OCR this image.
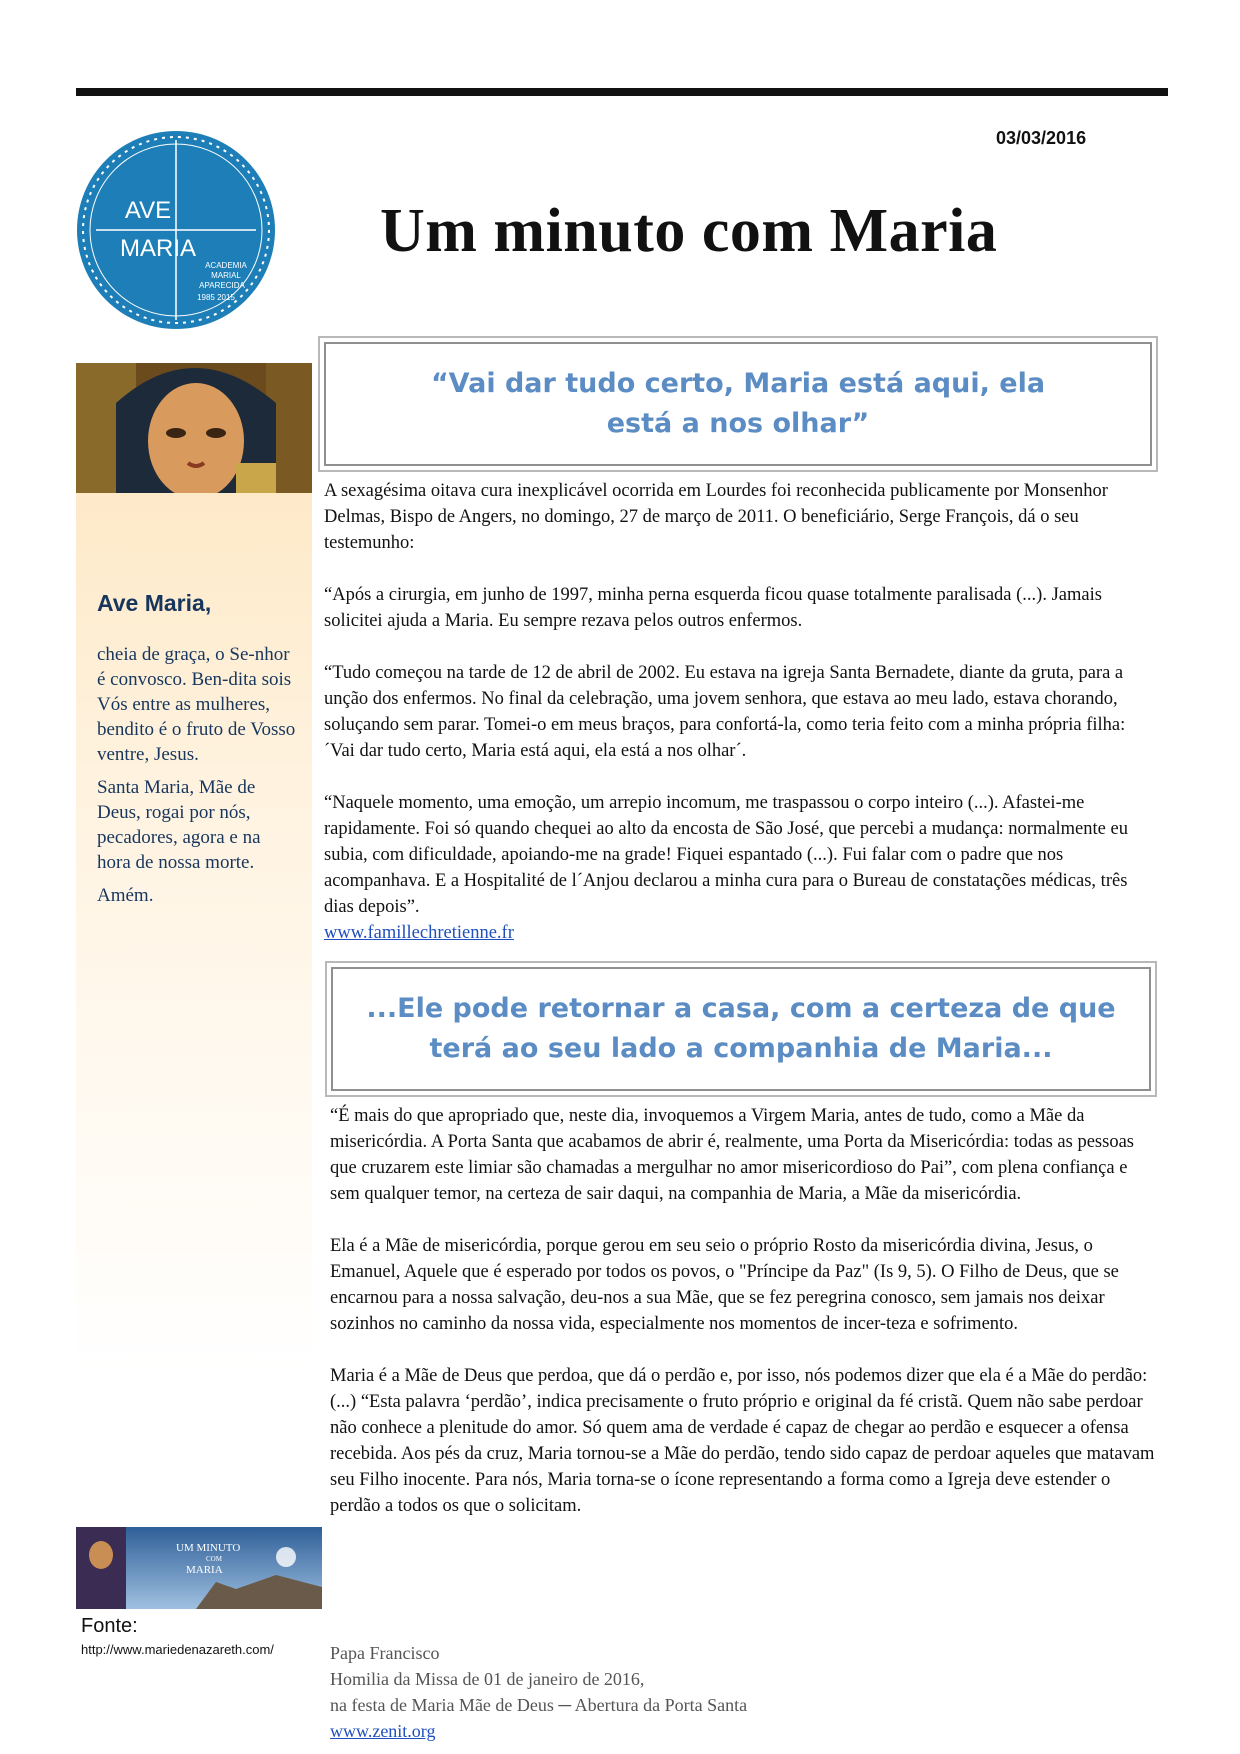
03/03/2016
AVE
MARIA
ACADEMIA
MARIAL
APARECIDA
1985 2015
Um minuto com Maria
Ave Maria,

cheia de graça, o Se-nhor é convosco. Ben-dita sois Vós entre as mulheres, bendito é o fruto de Vosso ventre, Jesus.

Santa Maria, Mãe de Deus, rogai por nós, pecadores, agora e na hora de nossa morte.

Amém.

UM MINUTO
COM
MARIA
Fonte:
http://www.mariedenazareth.com/
“Vai dar tudo certo, Maria está aqui, ela está a nos olhar”

A sexagésima oitava cura inexplicável ocorrida em Lourdes foi reconhecida publicamente por Monsenhor Delmas, Bispo de Angers, no domingo, 27 de março de 2011. O beneficiário, Serge François, dá o seu testemunho:

“Após a cirurgia, em junho de 1997, minha perna esquerda ficou quase totalmente paralisada (...). Jamais solicitei ajuda a Maria. Eu sempre rezava pelos outros enfermos.

“Tudo começou na tarde de 12 de abril de 2002. Eu estava na igreja Santa Bernadete, diante da gruta, para a unção dos enfermos. No final da celebração, uma jovem senhora, que estava ao meu lado, estava chorando, soluçando sem parar. Tomei-o em meus braços, para confortá-la, como teria feito com a minha própria filha: ´Vai dar tudo certo, Maria está aqui, ela está a nos olhar´.

“Naquele momento, uma emoção, um arrepio incomum, me traspassou o corpo inteiro (...). Afastei-me rapidamente. Foi só quando chequei ao alto da encosta de São José, que percebi a mudança: normalmente eu subia, com dificuldade, apoiando-me na grade! Fiquei espantado (...). Fui falar com o padre que nos acompanhava. E a Hospitalité de l´Anjou declarou a minha cura para o Bureau de constatações médicas, três dias depois”.

www.famillechretienne.fr
...Ele pode retornar a casa, com a certeza de que terá ao seu lado a companhia de Maria...

“É mais do que apropriado que, neste dia, invoquemos a Virgem Maria, antes de tudo, como a Mãe da misericórdia. A Porta Santa que acabamos de abrir é, realmente, uma Porta da Misericórdia: todas as pessoas que cruzarem este limiar são chamadas a mergulhar no amor misericordioso do Pai”, com plena confiança e sem qualquer temor, na certeza de sair daqui, na companhia de Maria, a Mãe da misericórdia.

Ela é a Mãe de misericórdia, porque gerou em seu seio o próprio Rosto da misericórdia divina, Jesus, o Emanuel, Aquele que é esperado por todos os povos, o "Príncipe da Paz" (Is 9, 5). O Filho de Deus, que se encarnou para a nossa salvação, deu-nos a sua Mãe, que se fez peregrina conosco, sem jamais nos deixar sozinhos no caminho da nossa vida, especialmente nos momentos de incer-teza e sofrimento.

Maria é a Mãe de Deus que perdoa, que dá o perdão e, por isso, nós podemos dizer que ela é a Mãe do perdão: (...) “Esta palavra ‘perdão’, indica precisamente o fruto próprio e original da fé cristã. Quem não sabe perdoar não conhece a plenitude do amor. Só quem ama de verdade é capaz de chegar ao perdão e esquecer a ofensa recebida. Aos pés da cruz, Maria tornou-se a Mãe do perdão, tendo sido capaz de perdoar aqueles que matavam seu Filho inocente. Para nós, Maria torna-se o ícone representando a forma como a Igreja deve estender o perdão a todos os que o solicitam.

Papa Francisco
Homilia da Missa de 01 de janeiro de 2016,
na festa de Maria Mãe de Deus ─ Abertura da Porta Santa
www.zenit.org
